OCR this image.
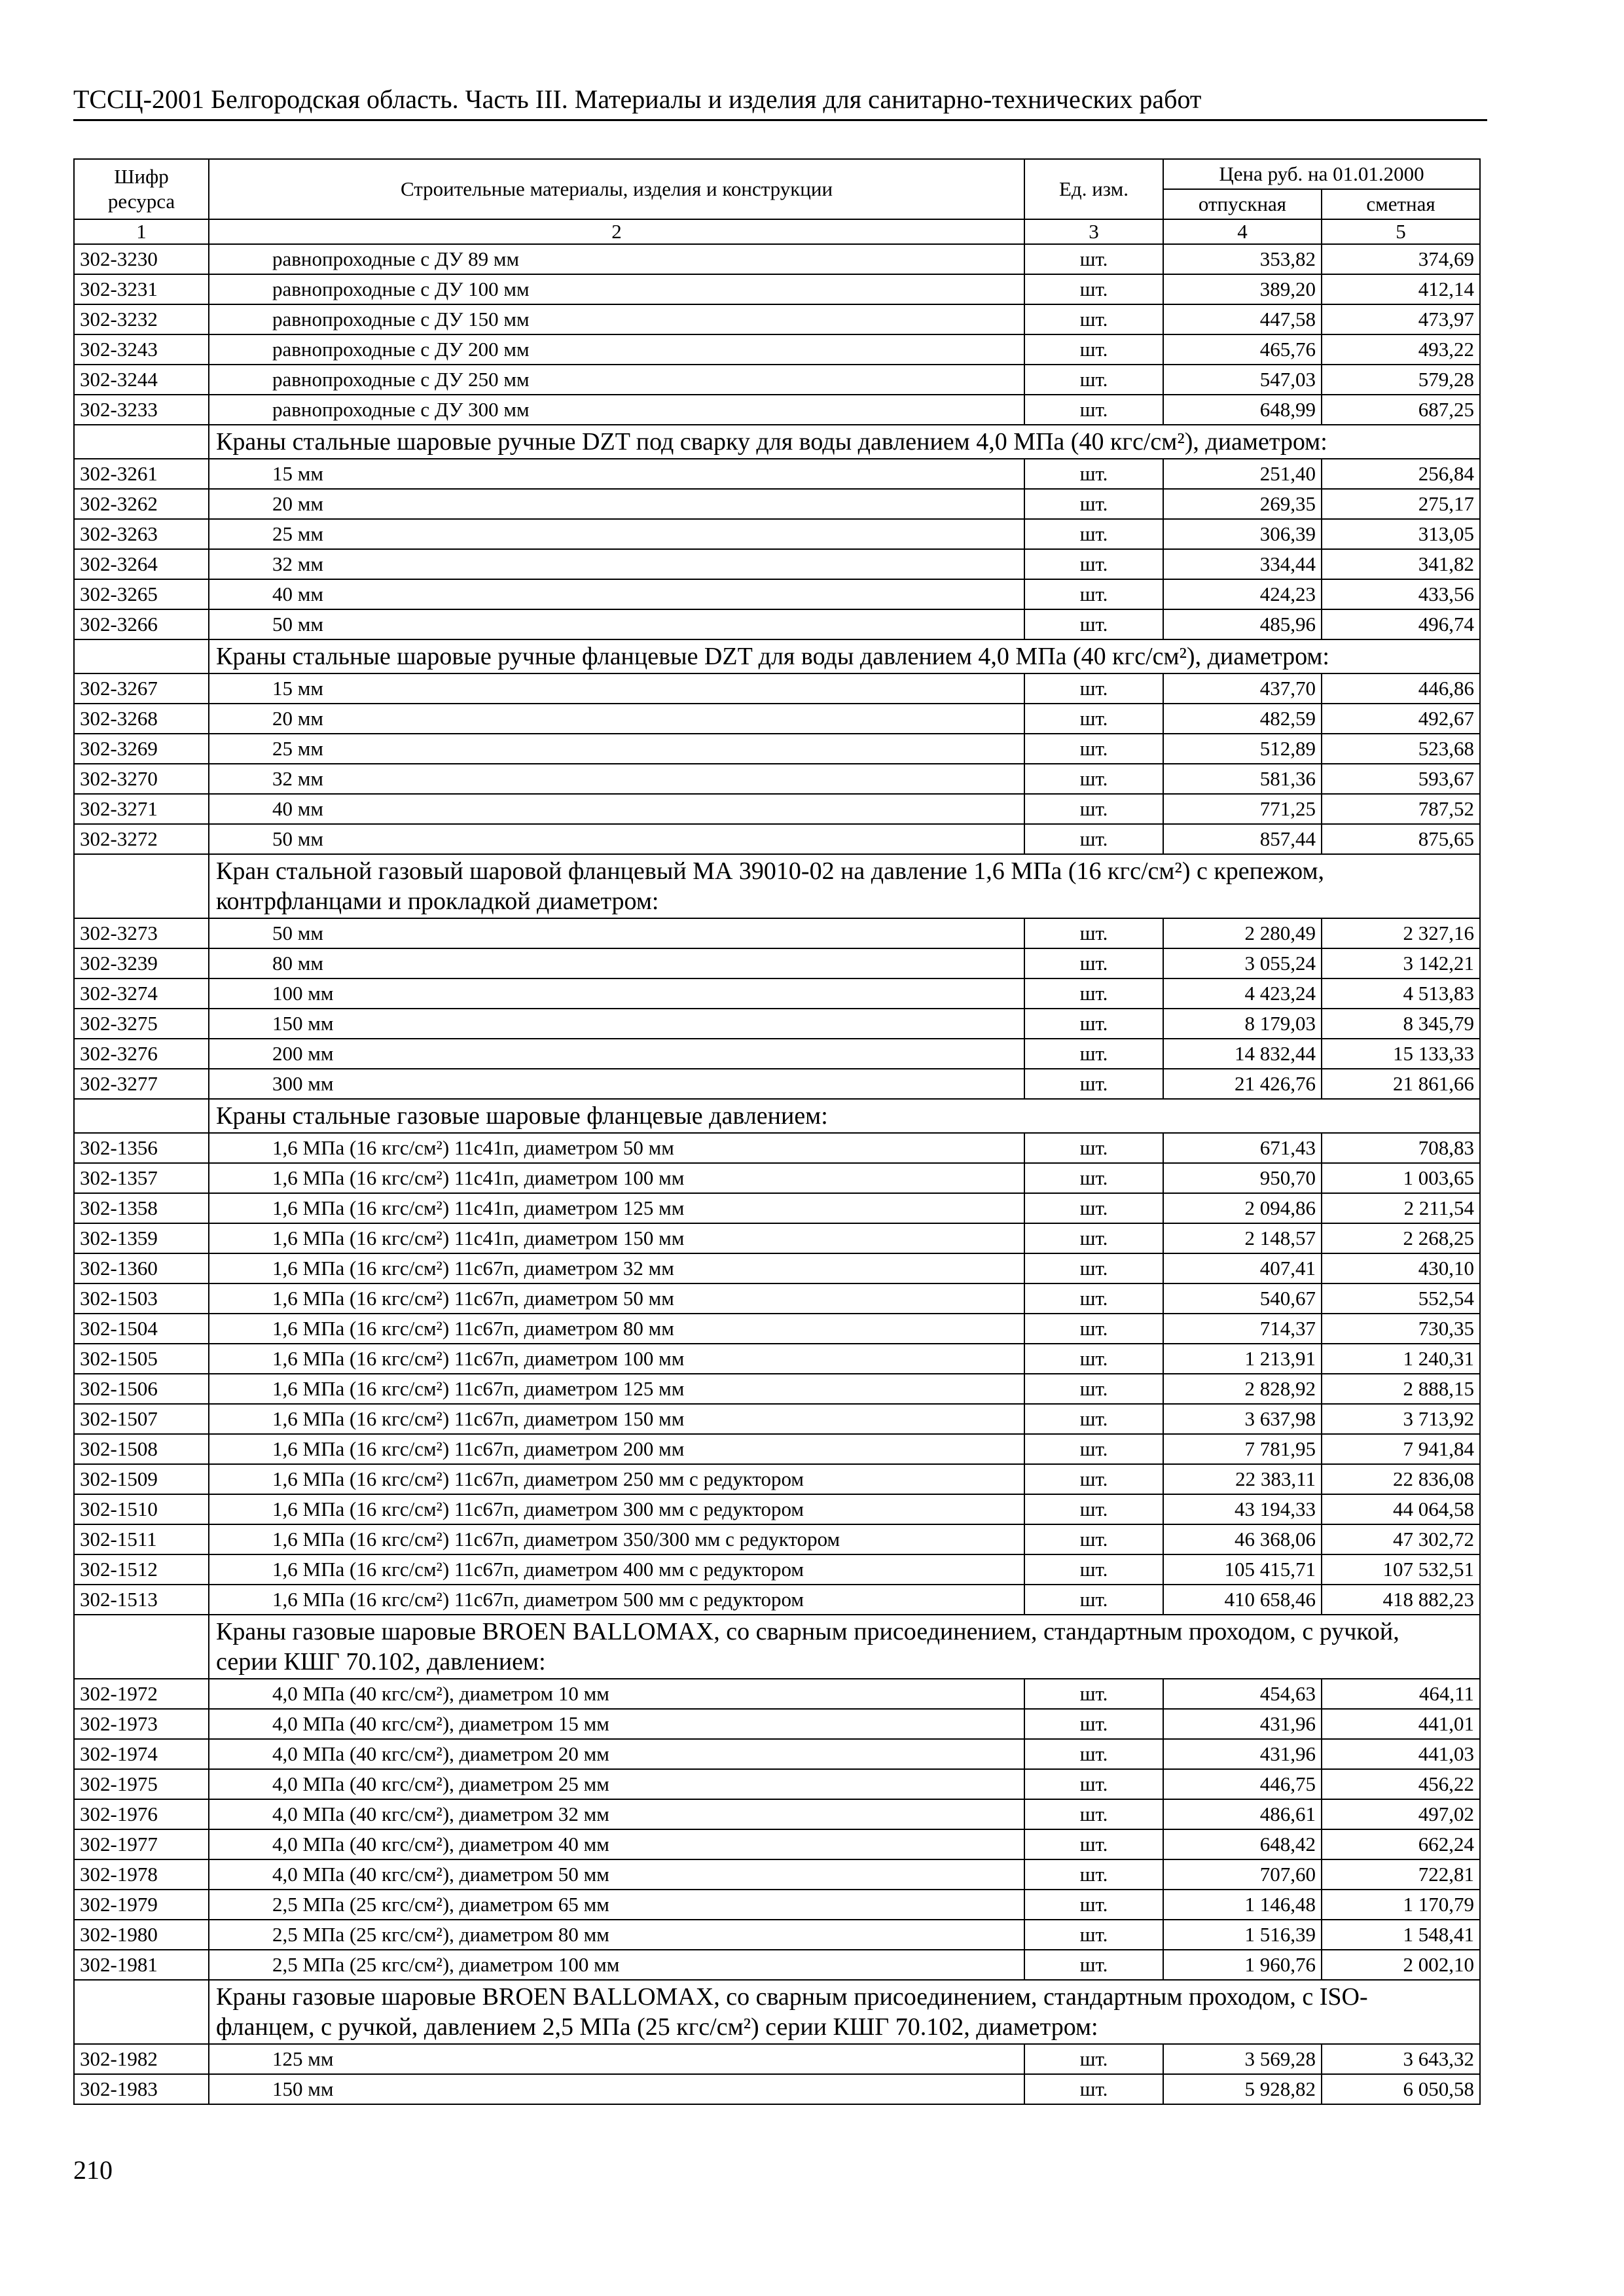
ТССЦ-2001 Белгородская область. Часть III. Материалы и изделия для санитарно-технических работ
Шифр ресурса	Строительные материалы, изделия и конструкции	Ед. изм.	Цена руб. на 01.01.2000	
			отпускная	сметная
1	2	3	4	5
302-3230	равнопроходные с ДУ 89 мм	шт.	353,82	374,69
302-3231	равнопроходные с ДУ 100 мм	шт.	389,20	412,14
302-3232	равнопроходные с ДУ 150 мм	шт.	447,58	473,97
302-3243	равнопроходные с ДУ 200 мм	шт.	465,76	493,22
302-3244	равнопроходные с ДУ 250 мм	шт.	547,03	579,28
302-3233	равнопроходные с ДУ 300 мм	шт.	648,99	687,25
	Краны стальные шаровые ручные DZT под сварку для воды давлением 4,0 МПа (40 кгс/см²), диаметром:			
302-3261	15 мм	шт.	251,40	256,84
302-3262	20 мм	шт.	269,35	275,17
302-3263	25 мм	шт.	306,39	313,05
302-3264	32 мм	шт.	334,44	341,82
302-3265	40 мм	шт.	424,23	433,56
302-3266	50 мм	шт.	485,96	496,74
	Краны стальные шаровые ручные фланцевые DZT для воды давлением 4,0 МПа (40 кгс/см²), диаметром:			
302-3267	15 мм	шт.	437,70	446,86
302-3268	20 мм	шт.	482,59	492,67
302-3269	25 мм	шт.	512,89	523,68
302-3270	32 мм	шт.	581,36	593,67
302-3271	40 мм	шт.	771,25	787,52
302-3272	50 мм	шт.	857,44	875,65
	Кран стальной газовый шаровой фланцевый МА 39010-02 на давление 1,6 МПа (16 кгс/см²) с крепежом, контрфланцами и прокладкой диаметром:			
302-3273	50 мм	шт.	2 280,49	2 327,16
302-3239	80 мм	шт.	3 055,24	3 142,21
302-3274	100 мм	шт.	4 423,24	4 513,83
302-3275	150 мм	шт.	8 179,03	8 345,79
302-3276	200 мм	шт.	14 832,44	15 133,33
302-3277	300 мм	шт.	21 426,76	21 861,66
	Краны стальные газовые шаровые фланцевые давлением:			
302-1356	1,6 МПа (16 кгс/см²) 11с41п, диаметром 50 мм	шт.	671,43	708,83
302-1357	1,6 МПа (16 кгс/см²) 11с41п, диаметром 100 мм	шт.	950,70	1 003,65
302-1358	1,6 МПа (16 кгс/см²) 11с41п, диаметром 125 мм	шт.	2 094,86	2 211,54
302-1359	1,6 МПа (16 кгс/см²) 11с41п, диаметром 150 мм	шт.	2 148,57	2 268,25
302-1360	1,6 МПа (16 кгс/см²) 11с67п, диаметром 32 мм	шт.	407,41	430,10
302-1503	1,6 МПа (16 кгс/см²) 11с67п, диаметром 50 мм	шт.	540,67	552,54
302-1504	1,6 МПа (16 кгс/см²) 11с67п, диаметром 80 мм	шт.	714,37	730,35
302-1505	1,6 МПа (16 кгс/см²) 11с67п, диаметром 100 мм	шт.	1 213,91	1 240,31
302-1506	1,6 МПа (16 кгс/см²) 11с67п, диаметром 125 мм	шт.	2 828,92	2 888,15
302-1507	1,6 МПа (16 кгс/см²) 11с67п, диаметром 150 мм	шт.	3 637,98	3 713,92
302-1508	1,6 МПа (16 кгс/см²) 11с67п, диаметром 200 мм	шт.	7 781,95	7 941,84
302-1509	1,6 МПа (16 кгс/см²) 11с67п, диаметром 250 мм с редуктором	шт.	22 383,11	22 836,08
302-1510	1,6 МПа (16 кгс/см²) 11с67п, диаметром 300 мм с редуктором	шт.	43 194,33	44 064,58
302-1511	1,6 МПа (16 кгс/см²) 11с67п, диаметром 350/300 мм с редуктором	шт.	46 368,06	47 302,72
302-1512	1,6 МПа (16 кгс/см²) 11с67п, диаметром 400 мм с редуктором	шт.	105 415,71	107 532,51
302-1513	1,6 МПа (16 кгс/см²) 11с67п, диаметром 500 мм с редуктором	шт.	410 658,46	418 882,23
	Краны газовые шаровые BROEN BALLOMAX, со сварным присоединением, стандартным проходом, с ручкой, серии КШГ 70.102, давлением:			
302-1972	4,0 МПа (40 кгс/см²), диаметром 10 мм	шт.	454,63	464,11
302-1973	4,0 МПа (40 кгс/см²), диаметром 15 мм	шт.	431,96	441,01
302-1974	4,0 МПа (40 кгс/см²), диаметром 20 мм	шт.	431,96	441,03
302-1975	4,0 МПа (40 кгс/см²), диаметром 25 мм	шт.	446,75	456,22
302-1976	4,0 МПа (40 кгс/см²), диаметром 32 мм	шт.	486,61	497,02
302-1977	4,0 МПа (40 кгс/см²), диаметром 40 мм	шт.	648,42	662,24
302-1978	4,0 МПа (40 кгс/см²), диаметром 50 мм	шт.	707,60	722,81
302-1979	2,5 МПа (25 кгс/см²), диаметром 65 мм	шт.	1 146,48	1 170,79
302-1980	2,5 МПа (25 кгс/см²), диаметром 80 мм	шт.	1 516,39	1 548,41
302-1981	2,5 МПа (25 кгс/см²), диаметром 100 мм	шт.	1 960,76	2 002,10
	Краны газовые шаровые BROEN BALLOMAX, со сварным присоединением, стандартным проходом, с ISO-фланцем, с ручкой, давлением 2,5 МПа (25 кгс/см²) серии КШГ 70.102, диаметром:			
302-1982	125 мм	шт.	3 569,28	3 643,32
302-1983	150 мм	шт.	5 928,82	6 050,58
210
